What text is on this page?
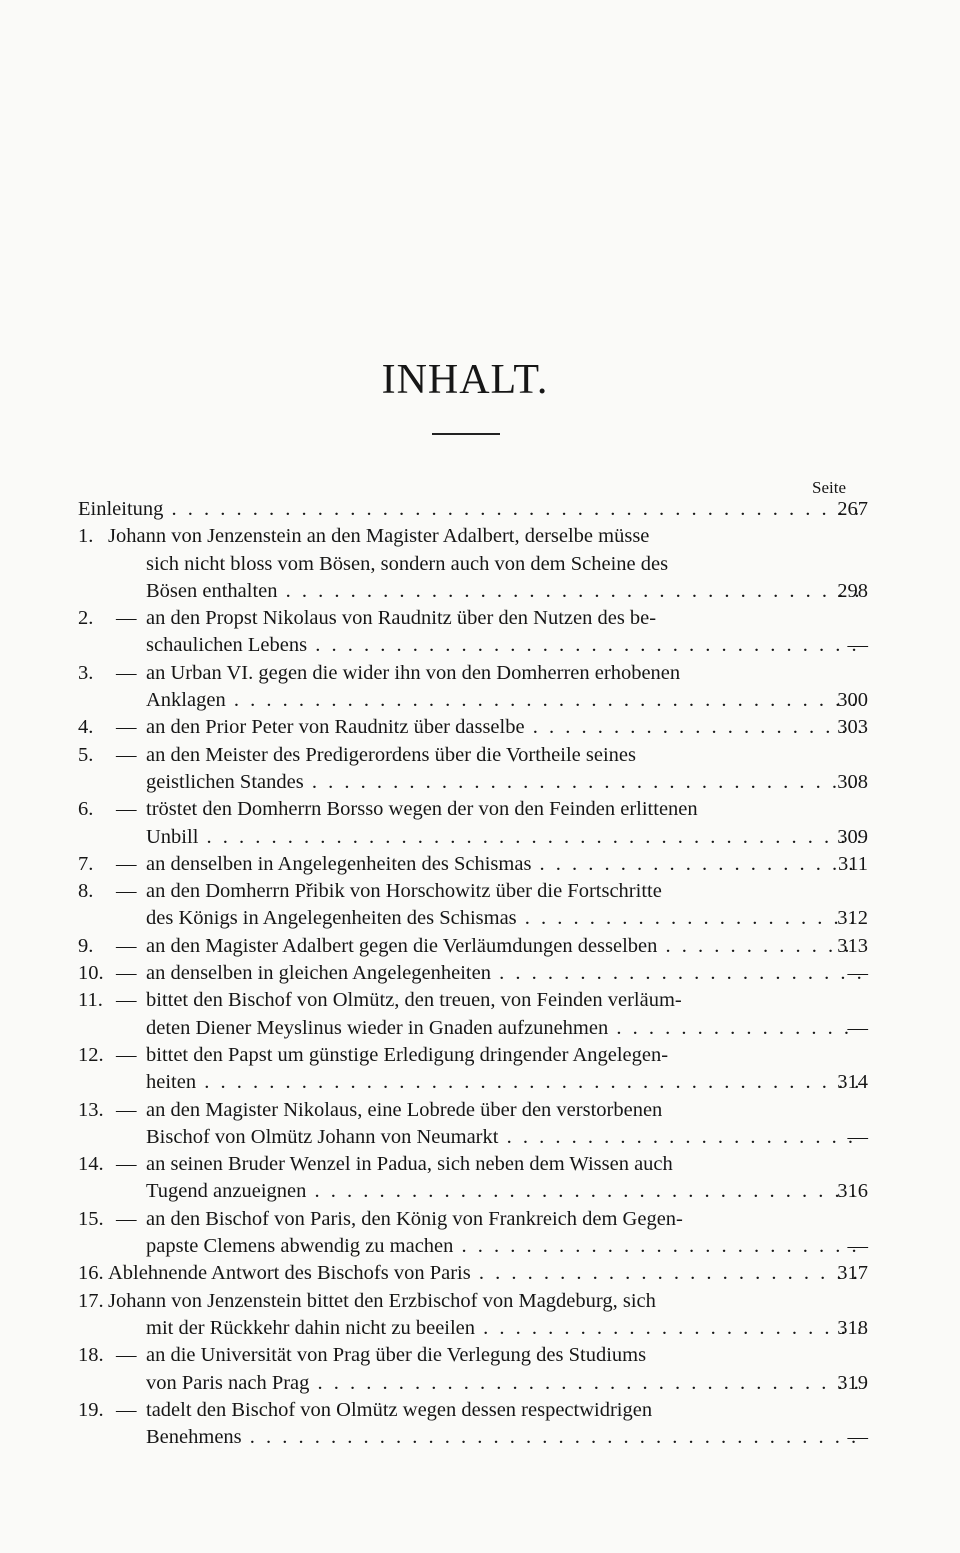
INHALT.
Seite
Einleitung . . .	267
1. Johann von Jenzenstein an den Magister Adalbert, derselbe müsse
sich nicht bloss vom Bösen, sondern auch von dem Scheine des
Bösen enthalten . . .	298
2.	— an den Propst Nikolaus von Raudnitz über den Nutzen des be-
schaulichen Lebens . . .	—
3.	— an Urban VI. gegen die wider ihn von den Domherren erhobenen
Anklagen . . .	300
4.	— an den Prior Peter von Raudnitz über dasselbe . . .	303
5.	— an den Meister des Predigerordens über die Vortheile seines
geistlichen Standes . . .	308
6.	— tröstet den Domherrn Borsso wegen der von den Feinden erlittenen
Unbill . . .	309
7.	— an denselben in Angelegenheiten des Schismas . . .	311
8.	— an den Domherrn Přibik von Horschowitz über die Fortschritte
des Königs in Angelegenheiten des Schismas . . .	312
9.	— an den Magister Adalbert gegen die Verläumdungen desselben . . .	313
10. — an denselben in gleichen Angelegenheiten . . .	—
11. — bittet den Bischof von Olmütz, den treuen, von Feinden verläum-
deten Diener Meyslinus wieder in Gnaden aufzunehmen . . .	—
12. — bittet den Papst um günstige Erledigung dringender Angelegen-
heiten . . .	314
13. — an den Magister Nikolaus, eine Lobrede über den verstorbenen
Bischof von Olmütz Johann von Neumarkt . . .	—
14. — an seinen Bruder Wenzel in Padua, sich neben dem Wissen auch
Tugend anzueignen . . .	316
15. — an den Bischof von Paris, den König von Frankreich dem Gegen-
papste Clemens abwendig zu machen . . .	—
16. Ablehnende Antwort des Bischofs von Paris . . .	317
17. Johann von Jenzenstein bittet den Erzbischof von Magdeburg, sich
mit der Rückkehr dahin nicht zu beeilen . . .	318
18. — an die Universität von Prag über die Verlegung des Studiums
von Paris nach Prag . . .	319
19. — tadelt den Bischof von Olmütz wegen dessen respectwidrigen
Benehmens . . .	—
